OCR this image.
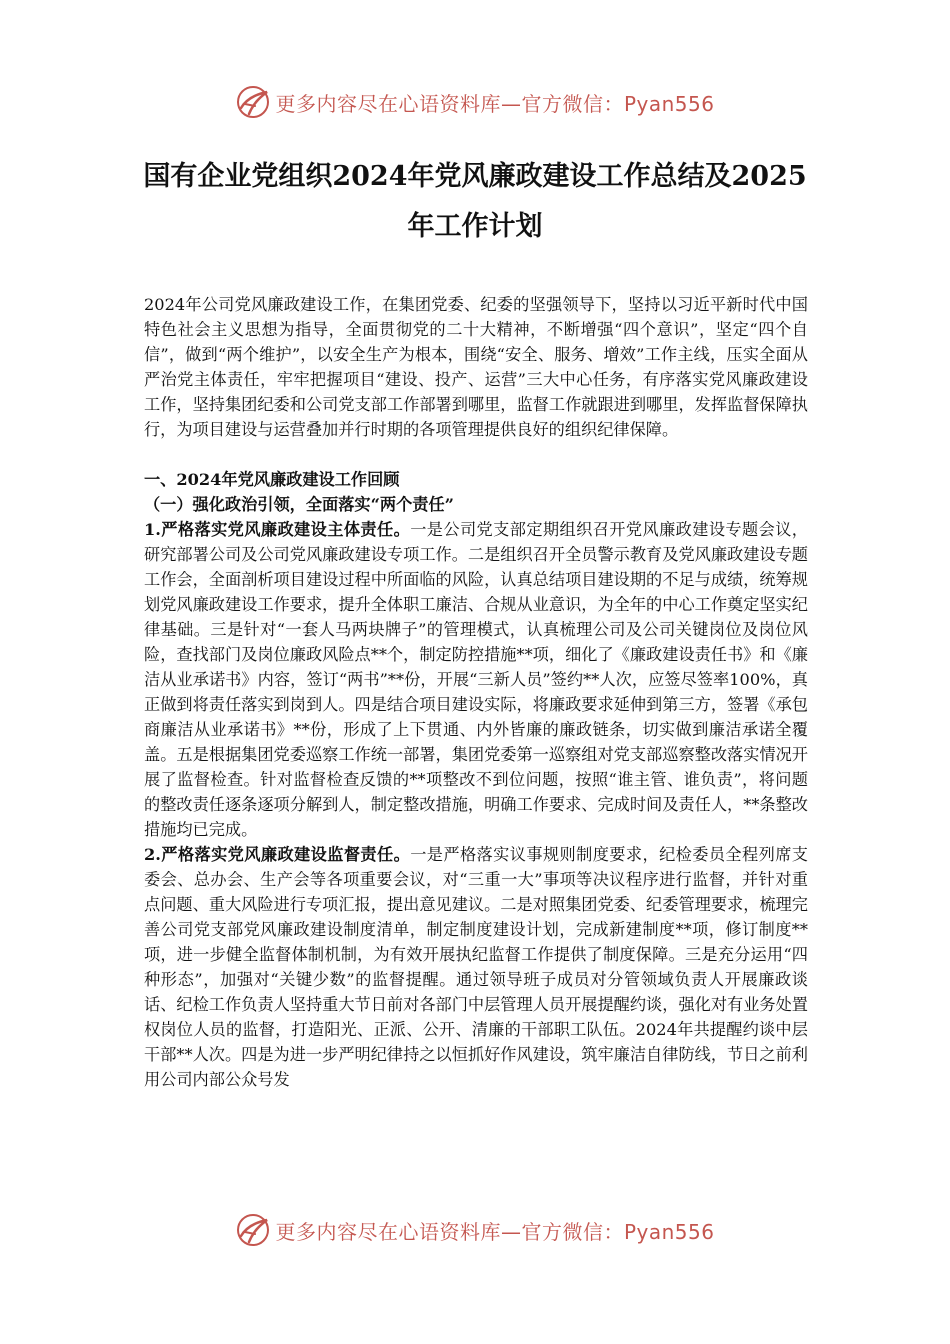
更多内容尽在心语资料库—官方微信：Pyan556
国有企业党组织2024年党风廉政建设工作总结及2025年工作计划

2024年公司党风廉政建设工作，在集团党委、纪委的坚强领导下，坚持以习近平新时代中国特色社会主义思想为指导，全面贯彻党的二十大精神，不断增强“四个意识”，坚定“四个自信”，做到“两个维护”，以安全生产为根本，围绕“安全、服务、增效”工作主线，压实全面从严治党主体责任，牢牢把握项目“建设、投产、运营”三大中心任务，有序落实党风廉政建设工作，坚持集团纪委和公司党支部工作部署到哪里，监督工作就跟进到哪里，发挥监督保障执行，为项目建设与运营叠加并行时期的各项管理提供良好的组织纪律保障。

一、2024年党风廉政建设工作回顾

（一）强化政治引领，全面落实“两个责任”

1.严格落实党风廉政建设主体责任。一是公司党支部定期组织召开党风廉政建设专题会议，研究部署公司及公司党风廉政建设专项工作。二是组织召开全员警示教育及党风廉政建设专题工作会，全面剖析项目建设过程中所面临的风险，认真总结项目建设期的不足与成绩，统筹规划党风廉政建设工作要求，提升全体职工廉洁、合规从业意识，为全年的中心工作奠定坚实纪律基础。三是针对“一套人马两块牌子”的管理模式，认真梳理公司及公司关键岗位及岗位风险，查找部门及岗位廉政风险点**个，制定防控措施**项，细化了《廉政建设责任书》和《廉洁从业承诺书》内容，签订“两书”**份，开展“三新人员”签约**人次，应签尽签率100%，真正做到将责任落实到岗到人。四是结合项目建设实际，将廉政要求延伸到第三方，签署《承包商廉洁从业承诺书》**份，形成了上下贯通、内外皆廉的廉政链条，切实做到廉洁承诺全覆盖。五是根据集团党委巡察工作统一部署，集团党委第一巡察组对党支部巡察整改落实情况开展了监督检查。针对监督检查反馈的**项整改不到位问题，按照“谁主管、谁负责”，将问题的整改责任逐条逐项分解到人，制定整改措施，明确工作要求、完成时间及责任人，**条整改措施均已完成。

2.严格落实党风廉政建设监督责任。一是严格落实议事规则制度要求，纪检委员全程列席支委会、总办会、生产会等各项重要会议，对“三重一大”事项等决议程序进行监督，并针对重点问题、重大风险进行专项汇报，提出意见建议。二是对照集团党委、纪委管理要求，梳理完善公司党支部党风廉政建设制度清单，制定制度建设计划，完成新建制度**项，修订制度**项，进一步健全监督体制机制，为有效开展执纪监督工作提供了制度保障。三是充分运用“四种形态”，加强对“关键少数”的监督提醒。通过领导班子成员对分管领域负责人开展廉政谈话、纪检工作负责人坚持重大节日前对各部门中层管理人员开展提醒约谈，强化对有业务处置权岗位人员的监督，打造阳光、正派、公开、清廉的干部职工队伍。2024年共提醒约谈中层干部**人次。四是为进一步严明纪律持之以恒抓好作风建设，筑牢廉洁自律防线，节日之前利用公司内部公众号发

更多内容尽在心语资料库—官方微信：Pyan556
